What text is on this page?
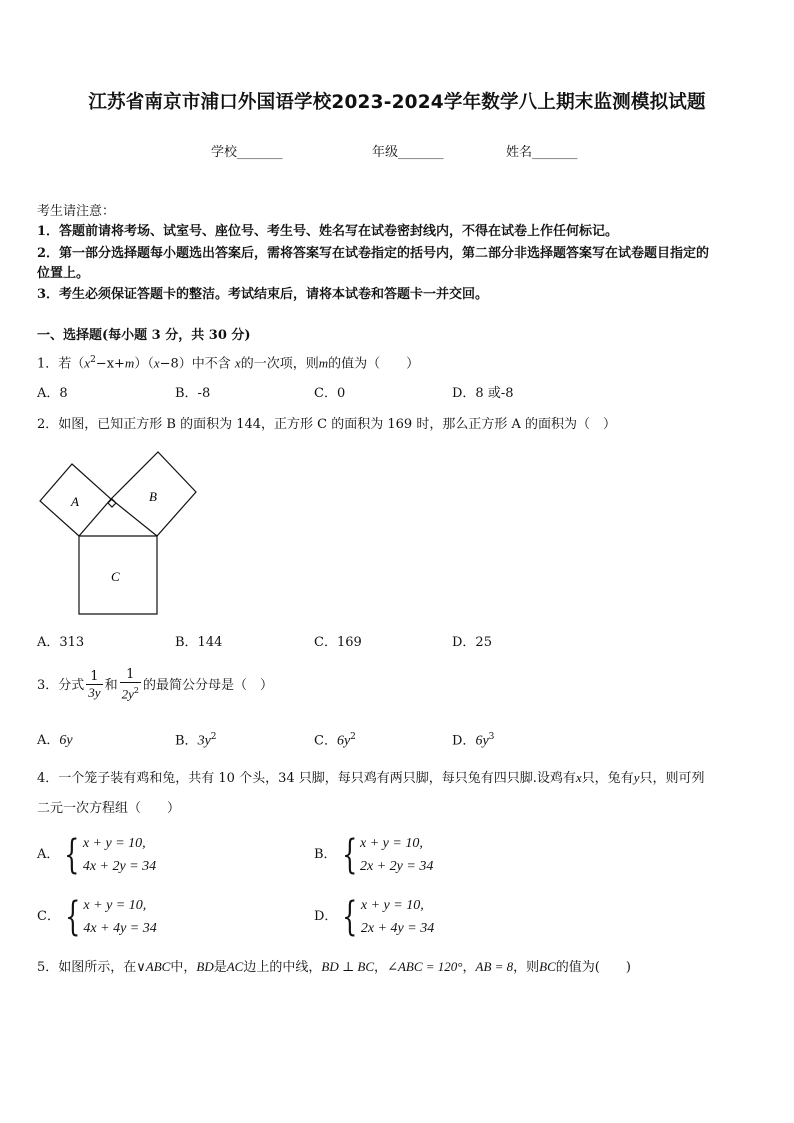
江苏省南京市浦口外国语学校2023-2024学年数学八上期末监测模拟试题
学校_______	年级_______	姓名_______
考生请注意：
1．答题前请将考场、试室号、座位号、考生号、姓名写在试卷密封线内，不得在试卷上作任何标记。
2．第一部分选择题每小题选出答案后，需将答案写在试卷指定的括号内，第二部分非选择题答案写在试卷题目指定的
位置上。
3．考生必须保证答题卡的整洁。考试结束后，请将本试卷和答题卡一并交回。
一、选择题(每小题 3 分，共 30 分)
1．若$(x^2-x+m)(x-8)$中不含 x的一次项，则m的值为（　　）
A．8	B．-8	C．0	D．8 或-8
2．如图，已知正方形 B 的面积为 144，正方形 C 的面积为 169 时，那么正方形 A 的面积为（　）
A	B
C
A．313	B．144	C．169	D．25
3．分式 $\frac{1}{3y}$ 和 $\frac{1}{2y^2}$ 的最简公分母是（　）
A．6y	B．$3y^2$	C．$6y^2$	D．$6y^3$
4．一个笼子装有鸡和兔，共有 10 个头，34 只脚，每只鸡有两只脚，每只兔有四只脚.设鸡有x只，兔有y只，则可列
二元一次方程组（　　）
A． { x + y = 10,
4x + 2y = 34
B． { x + y = 10,
2x + 2y = 34
C． { x + y = 10,
4x + 4y = 34
D． { x + y = 10,
2x + 4y = 34
5．如图所示，在∨ABC中，BD是AC边上的中线，BD ⊥ BC，∠ABC = 120°，AB = 8，则BC的值为(　　)
